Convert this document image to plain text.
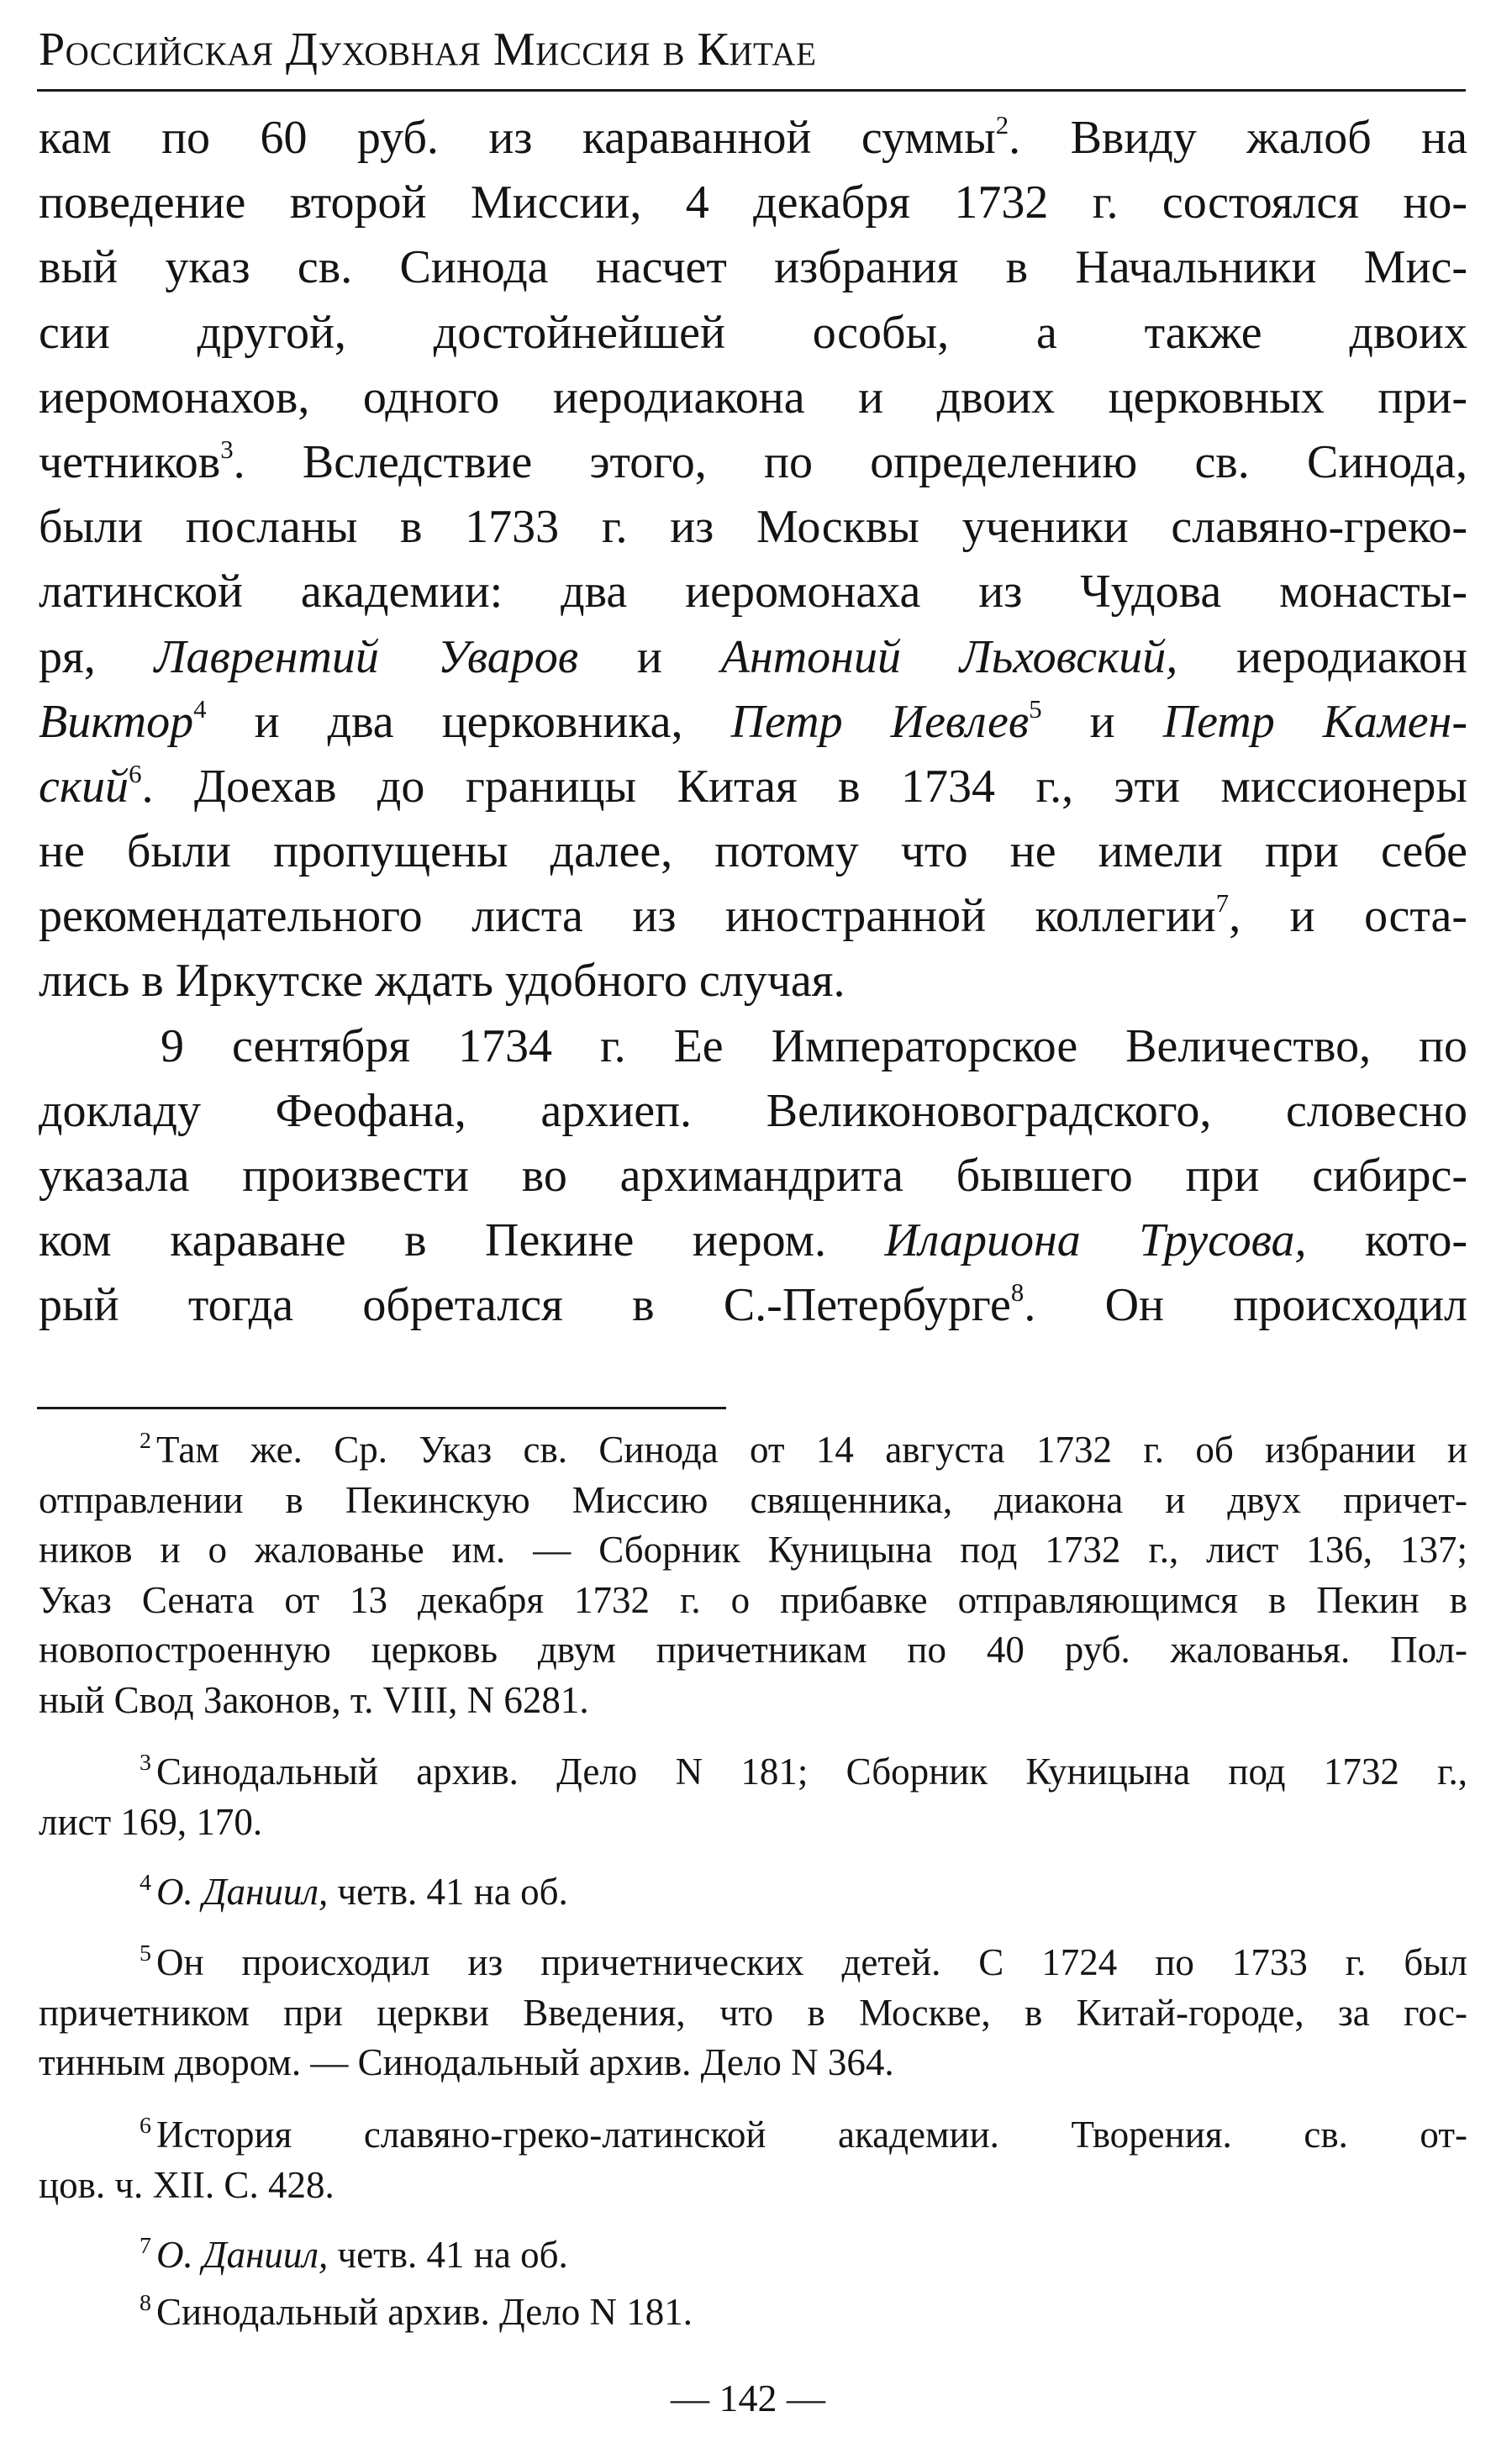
Российская Духовная Миссия в Китае
кам по 60 руб. из караванной суммы$^2$. Ввиду жалоб на
поведение второй Миссии, 4 декабря 1732 г. состоялся но-
вый указ св. Синода насчет избрания в Начальники Мис-
сии другой, достойнейшей особы, а также двоих
иеромонахов, одного иеродиакона и двоих церковных при-
четников$^3$. Вследствие этого, по определению св. Синода,
были посланы в 1733 г. из Москвы ученики славяно-греко-
латинской академии: два иеромонаха из Чудова монасты-
ря, Лаврентий Уваров и Антоний Льховский, иеродиакон
Виктор$^4$ и два церковника, Петр Иевлев$^5$ и Петр Камен-
ский$^6$. Доехав до границы Китая в 1734 г., эти миссионеры
не были пропущены далее, потому что не имели при себе
рекомендательного листа из иностранной коллегии$^7$, и оста-
лись в Иркутске ждать удобного случая.
9 сентября 1734 г. Ее Императорское Величество, по
докладу Феофана, архиеп. Великоновоградского, словесно
указала произвести во архимандрита бывшего при сибирс-
ком караване в Пекине иером. Илариона Трусова, кото-
рый тогда обретался в С.-Петербурге$^8$. Он происходил
$^2$ Там же. Ср. Указ св. Синода от 14 августа 1732 г. об избрании и
отправлении в Пекинскую Миссию священника, диакона и двух причет-
ников и о жалованье им. — Сборник Куницына под 1732 г., лист 136, 137;
Указ Сената от 13 декабря 1732 г. о прибавке отправляющимся в Пекин в
новопостроенную церковь двум причетникам по 40 руб. жалованья. Пол-
ный Свод Законов, т. VIII, N 6281.
$^3$ Синодальный архив. Дело N 181; Сборник Куницына под 1732 г.,
лист 169, 170.
$^4$ О. Даниил, четв. 41 на об.
$^5$ Он происходил из причетнических детей. С 1724 по 1733 г. был
причетником при церкви Введения, что в Москве, в Китай-городе, за гос-
тинным двором. — Синодальный архив. Дело N 364.
$^6$ История славяно-греко-латинской академии. Творения. св. от-
цов. ч. XII. С. 428.
$^7$ О. Даниил, четв. 41 на об.
$^8$ Синодальный архив. Дело N 181.
— 142 —
